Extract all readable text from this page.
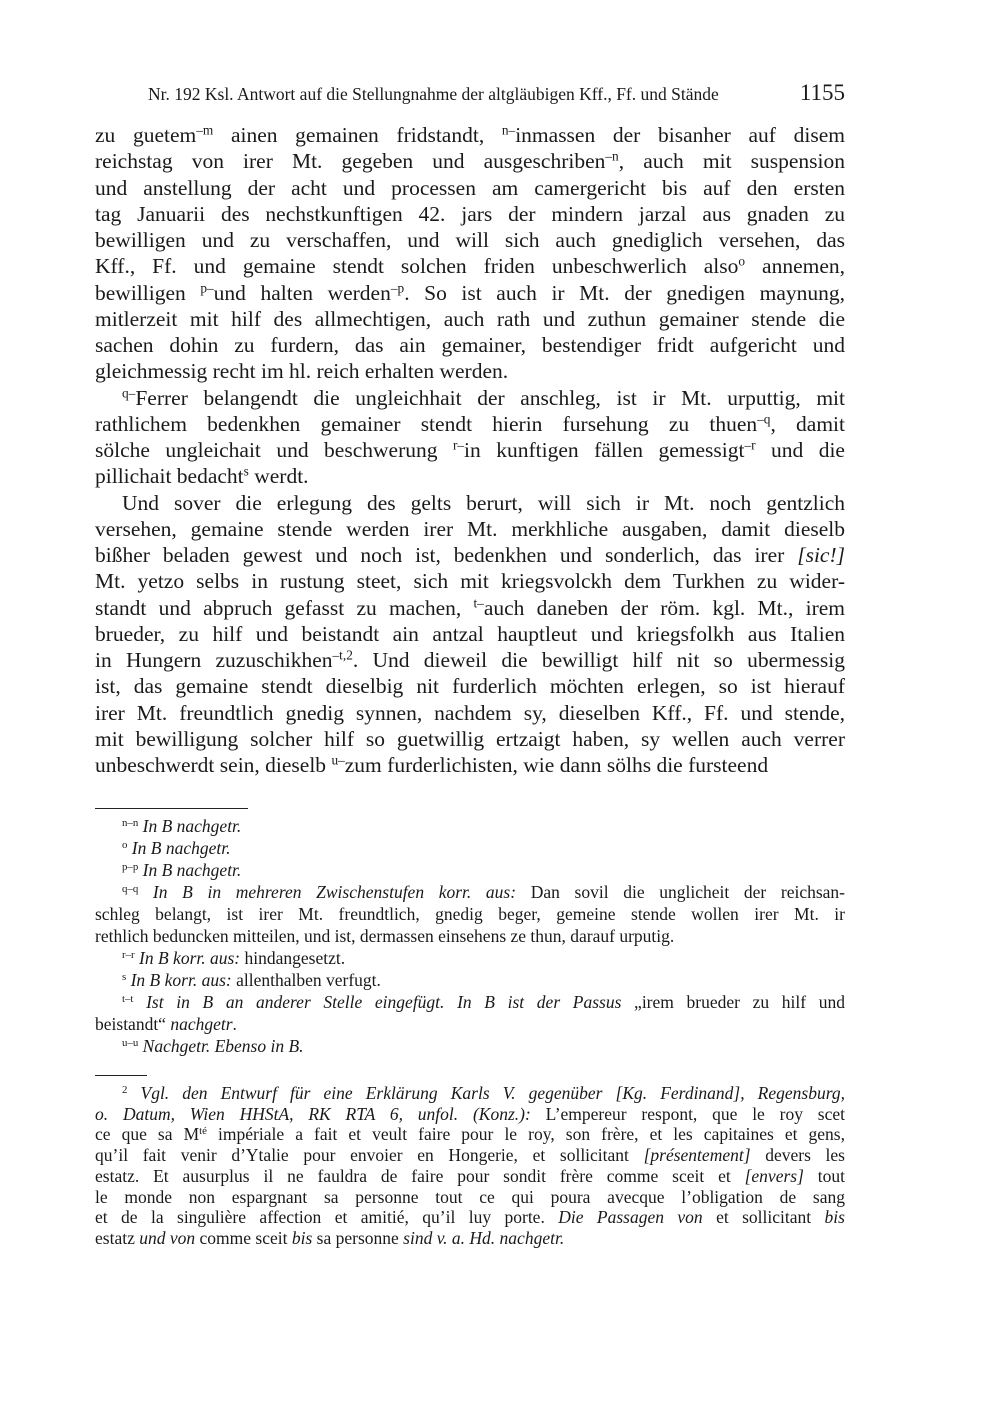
Nr. 192 Ksl. Antwort auf die Stellungnahme der altgläubigen Kff., Ff. und Stände	1155
zu guetem$^{-m}$ ainen gemainen fridstandt, $^{n-}$inmassen der bisanher auf disem
reichstag von irer Mt. gegeben und ausgeschriben$^{-n}$, auch mit suspension
und anstellung der acht und processen am camergericht bis auf den ersten
tag Januarii des nechstkunftigen 42. jars der mindern jarzal aus gnaden zu
bewilligen und zu verschaffen, und will sich auch gnediglich versehen, das
Kff., Ff. und gemaine stendt solchen friden unbeschwerlich also$^o$ annemen,
bewilligen $^{p-}$und halten werden$^{-p}$. So ist auch ir Mt. der gnedigen maynung,
mitlerzeit mit hilf des allmechtigen, auch rath und zuthun gemainer stende die
sachen dohin zu furdern, das ain gemainer, bestendiger fridt aufgericht und
gleichmessig recht im hl. reich erhalten werden.
$^{q-}$Ferrer belangendt die ungleichhait der anschleg, ist ir Mt. urputtig, mit
rathlichem bedenkhen gemainer stendt hierin fursehung zu thuen$^{-q}$, damit
sölche ungleichait und beschwerung $^{r-}$in kunftigen fällen gemessigt$^{-r}$ und die
pillichait bedacht$^s$ werdt.
Und sover die erlegung des gelts berurt, will sich ir Mt. noch gentzlich
versehen, gemaine stende werden irer Mt. merkhliche ausgaben, damit dieselb
bißher beladen gewest und noch ist, bedenkhen und sonderlich, das irer [sic!]
Mt. yetzo selbs in rustung steet, sich mit kriegsvolckh dem Turkhen zu wider-
standt und abpruch gefasst zu machen, $^{t-}$auch daneben der röm. kgl. Mt., irem
brueder, zu hilf und beistandt ain antzal hauptleut und kriegsfolkh aus Italien
in Hungern zuzuschikhen$^{-t,2}$. Und dieweil die bewilligt hilf nit so ubermessig
ist, das gemaine stendt dieselbig nit furderlich möchten erlegen, so ist hierauf
irer Mt. freundtlich gnedig synnen, nachdem sy, dieselben Kff., Ff. und stende,
mit bewilligung solcher hilf so guetwillig ertzaigt haben, sy wellen auch verrer
unbeschwerdt sein, dieselb $^{u-}$zum furderlichisten, wie dann sölhs die fursteend
$^{n-n}$ In B nachgetr.
$^o$ In B nachgetr.
$^{p-p}$ In B nachgetr.
$^{q-q}$ In B in mehreren Zwischenstufen korr. aus: Dan sovil die unglicheit der reichsan-
schleg belangt, ist irer Mt. freundtlich, gnedig beger, gemeine stende wollen irer Mt. ir
rethlich beduncken mitteilen, und ist, dermassen einsehens ze thun, darauf urputig.
$^{r-r}$ In B korr. aus: hindangesetzt.
$^s$ In B korr. aus: allenthalben verfugt.
$^{t-t}$ Ist in B an anderer Stelle eingefügt. In B ist der Passus „irem brueder zu hilf und
beistandt“ nachgetr.
$^{u-u}$ Nachgetr. Ebenso in B.
$^2$ Vgl. den Entwurf für eine Erklärung Karls V. gegenüber [Kg. Ferdinand], Regensburg,
o. Datum, Wien HHStA, RK RTA 6, unfol. (Konz.): L’empereur respont, que le roy scet
ce que sa $M^{té}$ impériale a fait et veult faire pour le roy, son frère, et les capitaines et gens,
qu’il fait venir d’Ytalie pour envoier en Hongerie, et sollicitant [présentement] devers les
estatz. Et ausurplus il ne fauldra de faire pour sondit frère comme sceit et [envers] tout
le monde non espargnant sa personne tout ce qui poura avecque l’obligation de sang
et de la singulière affection et amitié, qu’il luy porte. Die Passagen von et sollicitant bis
estatz und von comme sceit bis sa personne sind v. a. Hd. nachgetr.
